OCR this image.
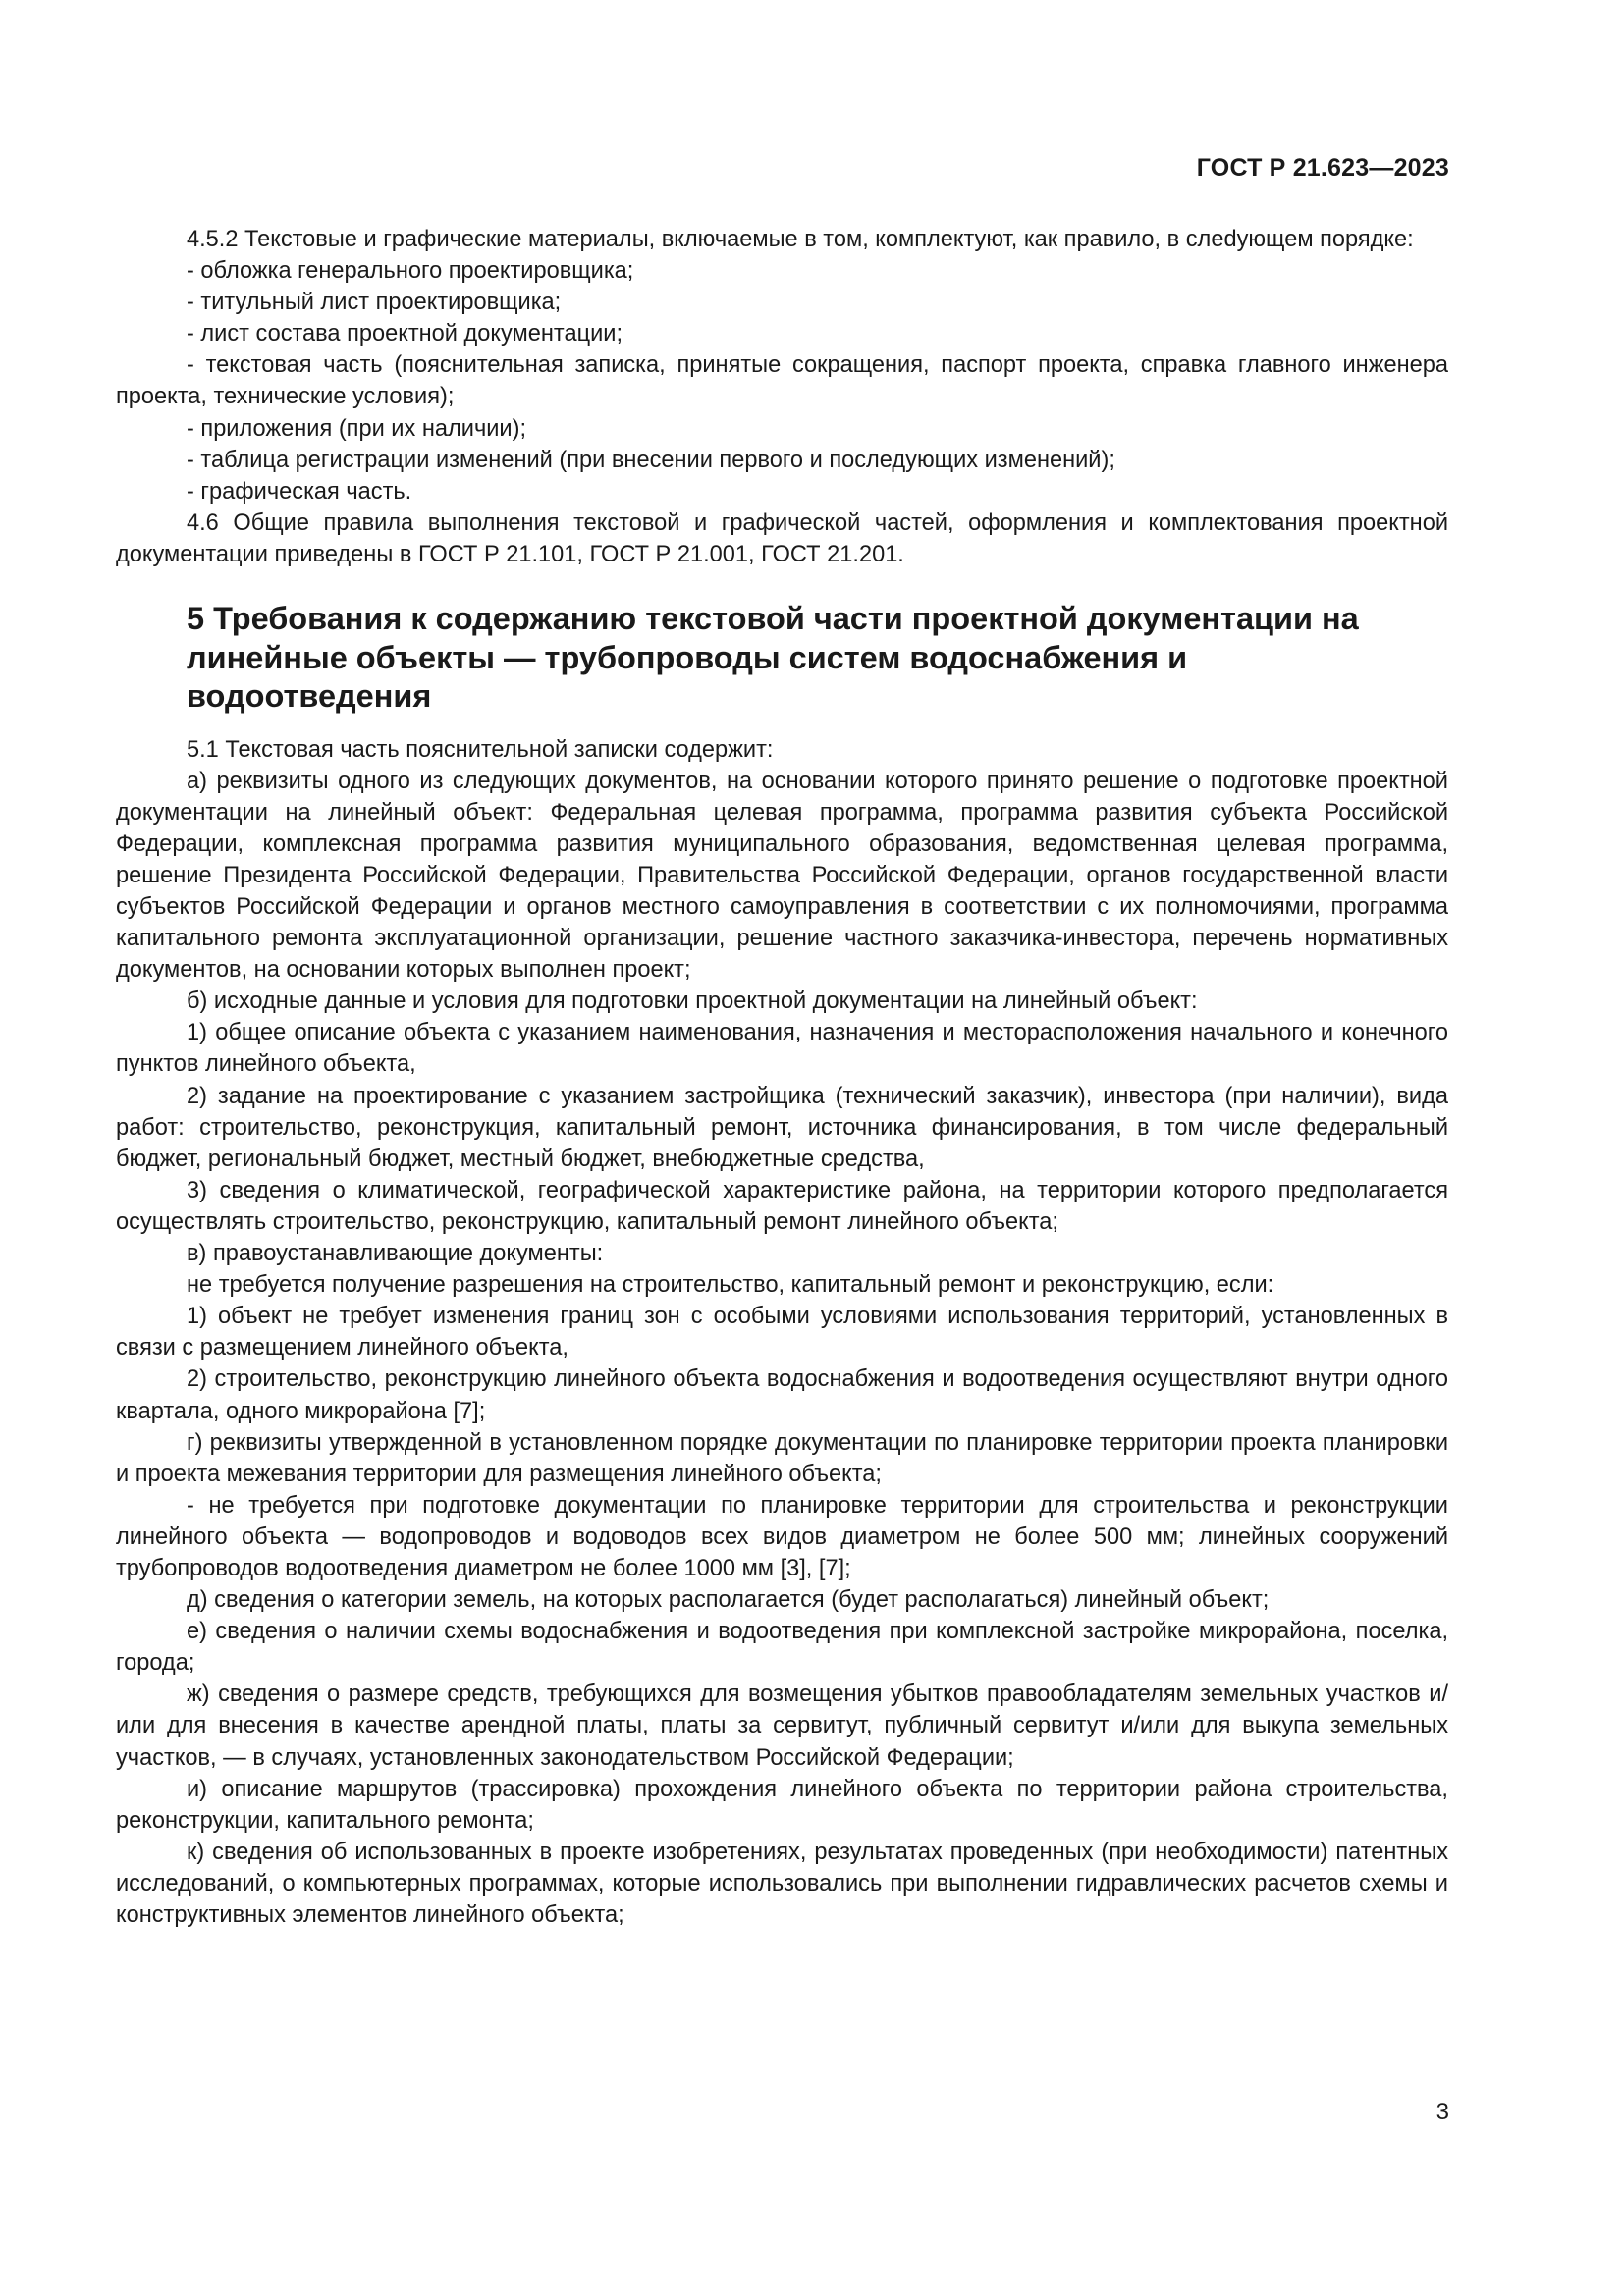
ГОСТ Р 21.623—2023

4.5.2 Текстовые и графические материалы, включаемые в том, комплектуют, как правило, в слеdующем порядке:

- обложка генерального проектировщика;

- титульный лист проектировщика;

- лист состава проектной документации;

- текстовая часть (пояснительная записка, принятые сокращения, паспорт проекта, справка главного инженера проекта, технические условия);

- приложения (при их наличии);

- таблица регистрации изменений (при внесении первого и последующих изменений);

- графическая часть.

4.6 Общие правила выполнения текстовой и графической частей, оформления и комплектования проектной документации приведены в ГОСТ Р 21.101, ГОСТ Р 21.001, ГОСТ 21.201.

5 Требования к содержанию текстовой части проектной документации на линейные объекты — трубопроводы систем водоснабжения и водоотведения

5.1 Текстовая часть пояснительной записки содержит:

а) реквизиты одного из следующих документов, на основании которого принято решение о подготовке проектной документации на линейный объект: Федеральная целевая программа, программа развития субъекта Российской Федерации, комплексная программа развития муниципального образования, ведомственная целевая программа, решение Президента Российской Федерации, Правительства Российской Федерации, органов государственной власти субъектов Российской Федерации и органов местного самоуправления в соответствии с их полномочиями, программа капитального ремонта эксплуатационной организации, решение частного заказчика-инвестора, перечень нормативных документов, на основании которых выполнен проект;

б) исходные данные и условия для подготовки проектной документации на линейный объект:

1) общее описание объекта с указанием наименования, назначения и месторасположения начального и конечного пунктов линейного объекта,

2) задание на проектирование с указанием застройщика (технический заказчик), инвестора (при наличии), вида работ: строительство, реконструкция, капитальный ремонт, источника финансирования, в том числе федеральный бюджет, региональный бюджет, местный бюджет, внебюджетные средства,

3) сведения о климатической, географической характеристике района, на территории которого предполагается осуществлять строительство, реконструкцию, капитальный ремонт линейного объекта;

в) правоустанавливающие документы:

не требуется получение разрешения на строительство, капитальный ремонт и реконструкцию, если:

1) объект не требует изменения границ зон с особыми условиями использования территорий, установленных в связи с размещением линейного объекта,

2) строительство, реконструкцию линейного объекта водоснабжения и водоотведения осуществляют внутри одного квартала, одного микрорайона [7];

г) реквизиты утвержденной в установленном порядке документации по планировке территории проекта планировки и проекта межевания территории для размещения линейного объекта;

- не требуется при подготовке документации по планировке территории для строительства и реконструкции линейного объекта — водопроводов и водоводов всех видов диаметром не более 500 мм; линейных сооружений трубопроводов водоотведения диаметром не более 1000 мм [3], [7];

д) сведения о категории земель, на которых располагается (будет располагаться) линейный объект;

е) сведения о наличии схемы водоснабжения и водоотведения при комплексной застройке микрорайона, поселка, города;

ж) сведения о размере средств, требующихся для возмещения убытков правообладателям земельных участков и/или для внесения в качестве арендной платы, платы за сервитут, публичный сервитут и/или для выкупа земельных участков, — в случаях, установленных законодательством Российской Федерации;

и) описание маршрутов (трассировка) прохождения линейного объекта по территории района строительства, реконструкции, капитального ремонта;

к) сведения об использованных в проекте изобретениях, результатах проведенных (при необходимости) патентных исследований, о компьютерных программах, которые использовались при выполнении гидравлических расчетов схемы и конструктивных элементов линейного объекта;

3
